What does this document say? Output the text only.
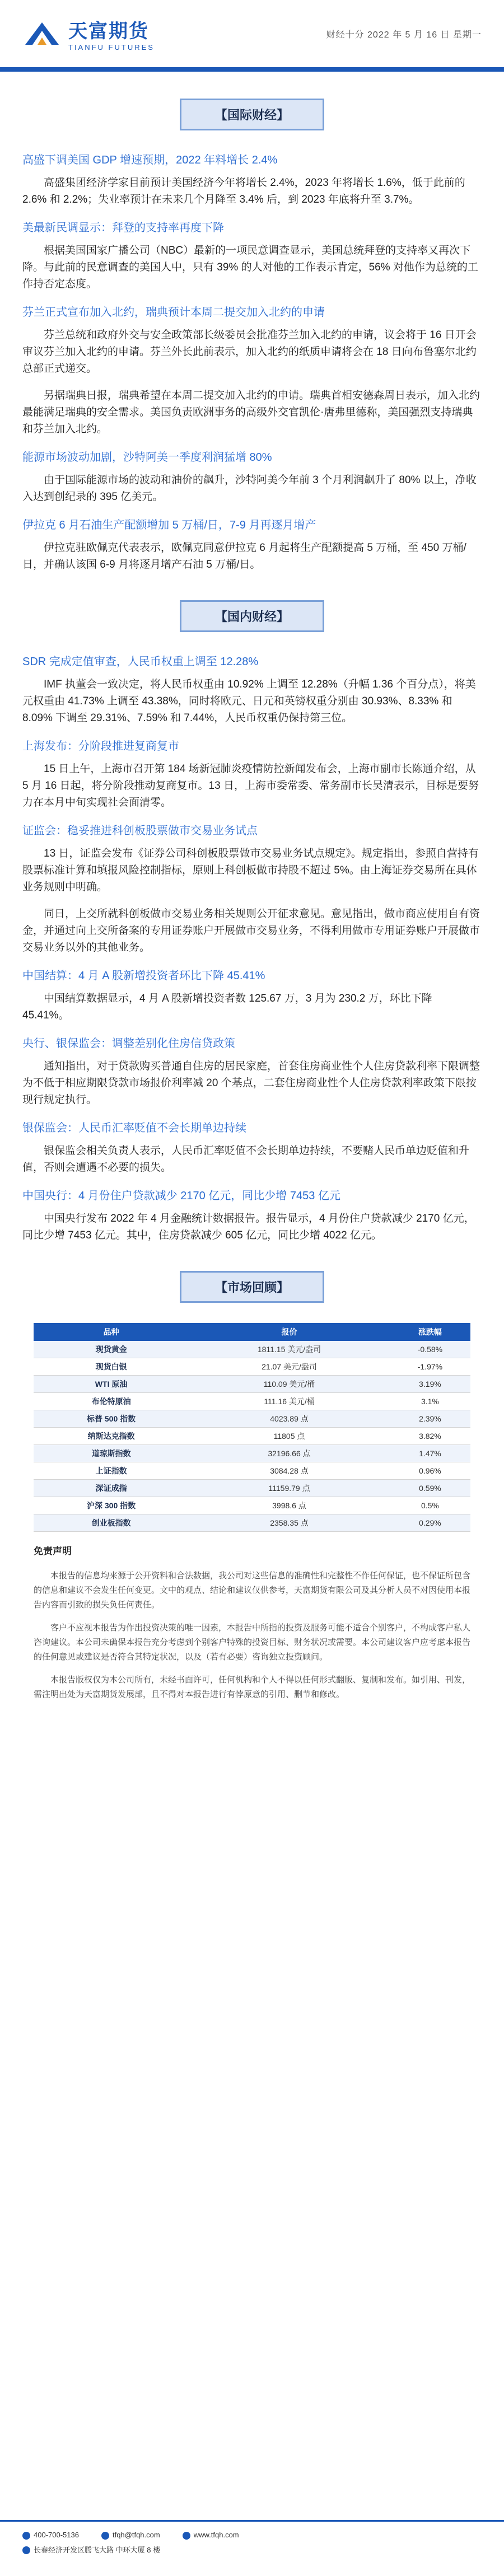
天富期货
TIANFU FUTURES
财经十分 2022 年 5 月 16 日 星期一
【国际财经】
高盛下调美国 GDP 增速预期，2022 年料增长 2.4%

高盛集团经济学家目前预计美国经济今年将增长 2.4%，2023 年将增长 1.6%，低于此前的 2.6% 和 2.2%；失业率预计在未来几个月降至 3.4% 后，到 2023 年底将升至 3.7%。

美最新民调显示：拜登的支持率再度下降

根据美国国家广播公司（NBC）最新的一项民意调查显示，美国总统拜登的支持率又再次下降。与此前的民意调查的美国人中，只有 39% 的人对他的工作表示肯定，56% 对他作为总统的工作持否定态度。

芬兰正式宣布加入北约，瑞典预计本周二提交加入北约的申请

芬兰总统和政府外交与安全政策部长级委员会批准芬兰加入北约的申请，议会将于 16 日开会审议芬兰加入北约的申请。芬兰外长此前表示，加入北约的纸质申请将会在 18 日向布鲁塞尔北约总部正式递交。

另据瑞典日报，瑞典希望在本周二提交加入北约的申请。瑞典首相安德森周日表示，加入北约最能满足瑞典的安全需求。美国负责欧洲事务的高级外交官凯伦·唐弗里德称，美国强烈支持瑞典和芬兰加入北约。

能源市场波动加剧，沙特阿美一季度利润猛增 80%

由于国际能源市场的波动和油价的飙升，沙特阿美今年前 3 个月利润飙升了 80% 以上，净收入达到创纪录的 395 亿美元。

伊拉克 6 月石油生产配额增加 5 万桶/日，7-9 月再逐月增产

伊拉克驻欧佩克代表表示，欧佩克同意伊拉克 6 月起将生产配额提高 5 万桶，至 450 万桶/日，并确认该国 6-9 月将逐月增产石油 5 万桶/日。

【国内财经】
SDR 完成定值审查，人民币权重上调至 12.28%

IMF 执董会一致决定，将人民币权重由 10.92% 上调至 12.28%（升幅 1.36 个百分点），将美元权重由 41.73% 上调至 43.38%，同时将欧元、日元和英镑权重分别由 30.93%、8.33% 和 8.09% 下调至 29.31%、7.59% 和 7.44%，人民币权重仍保持第三位。

上海发布：分阶段推进复商复市

15 日上午，上海市召开第 184 场新冠肺炎疫情防控新闻发布会，上海市副市长陈通介绍，从 5 月 16 日起，将分阶段推动复商复市。13 日，上海市委常委、常务副市长吴清表示，目标是要努力在本月中旬实现社会面清零。

证监会：稳妥推进科创板股票做市交易业务试点

13 日，证监会发布《证券公司科创板股票做市交易业务试点规定》。规定指出，参照自营持有股票标准计算和填报风险控制指标，原则上科创板做市持股不超过 5%。由上海证券交易所在具体业务规则中明确。

同日，上交所就科创板做市交易业务相关规则公开征求意见。意见指出，做市商应使用自有资金，并通过向上交所备案的专用证券账户开展做市交易业务，不得利用做市专用证券账户开展做市交易业务以外的其他业务。

中国结算：4 月 A 股新增投资者环比下降 45.41%

中国结算数据显示，4 月 A 股新增投资者数 125.67 万，3 月为 230.2 万，环比下降 45.41%。

央行、银保监会：调整差别化住房信贷政策

通知指出，对于贷款购买普通自住房的居民家庭，首套住房商业性个人住房贷款利率下限调整为不低于相应期限贷款市场报价利率减 20 个基点，二套住房商业性个人住房贷款利率政策下限按现行规定执行。

银保监会：人民币汇率贬值不会长期单边持续

银保监会相关负责人表示，人民币汇率贬值不会长期单边持续，不要赌人民币单边贬值和升值，否则会遭遇不必要的损失。

中国央行：4 月份住户贷款减少 2170 亿元，同比少增 7453 亿元

中国央行发布 2022 年 4 月金融统计数据报告。报告显示，4 月份住户贷款减少 2170 亿元，同比少增 7453 亿元。其中，住房贷款减少 605 亿元，同比少增 4022 亿元。

【市场回顾】
品种	报价	涨跌幅
现货黄金	1811.15 美元/盎司	-0.58%
现货白银	21.07 美元/盎司	-1.97%
WTI 原油	110.09 美元/桶	3.19%
布伦特原油	111.16 美元/桶	3.1%
标普 500 指数	4023.89 点	2.39%
纳斯达克指数	11805 点	3.82%
道琼斯指数	32196.66 点	1.47%
上证指数	3084.28 点	0.96%
深证成指	11159.79 点	0.59%
沪深 300 指数	3998.6 点	0.5%
创业板指数	2358.35 点	0.29%
免责声明

本报告的信息均来源于公开资料和合法数据，我公司对这些信息的准确性和完整性不作任何保证，也不保证所包含的信息和建议不会发生任何变更。文中的观点、结论和建议仅供参考，天富期货有限公司及其分析人员不对因使用本报告内容而引致的损失负任何责任。

客户不应视本报告为作出投资决策的唯一因素，本报告中所指的投资及服务可能不适合个别客户，不构成客户私人咨询建议。本公司未确保本报告充分考虑到个别客户特殊的投资目标、财务状况或需要。本公司建议客户应考虑本报告的任何意见或建议是否符合其特定状况，以及（若有必要）咨询独立投资顾问。

本报告版权仅为本公司所有，未经书面许可，任何机构和个人不得以任何形式翻版、复制和发布。如引用、刊发，需注明出处为天富期货发展部，且不得对本报告进行有悖原意的引用、删节和修改。

400-700-5136	tfqh@tfqh.com	www.tfqh.com
长春经济开发区腾飞大路 中环大厦 8 楼
